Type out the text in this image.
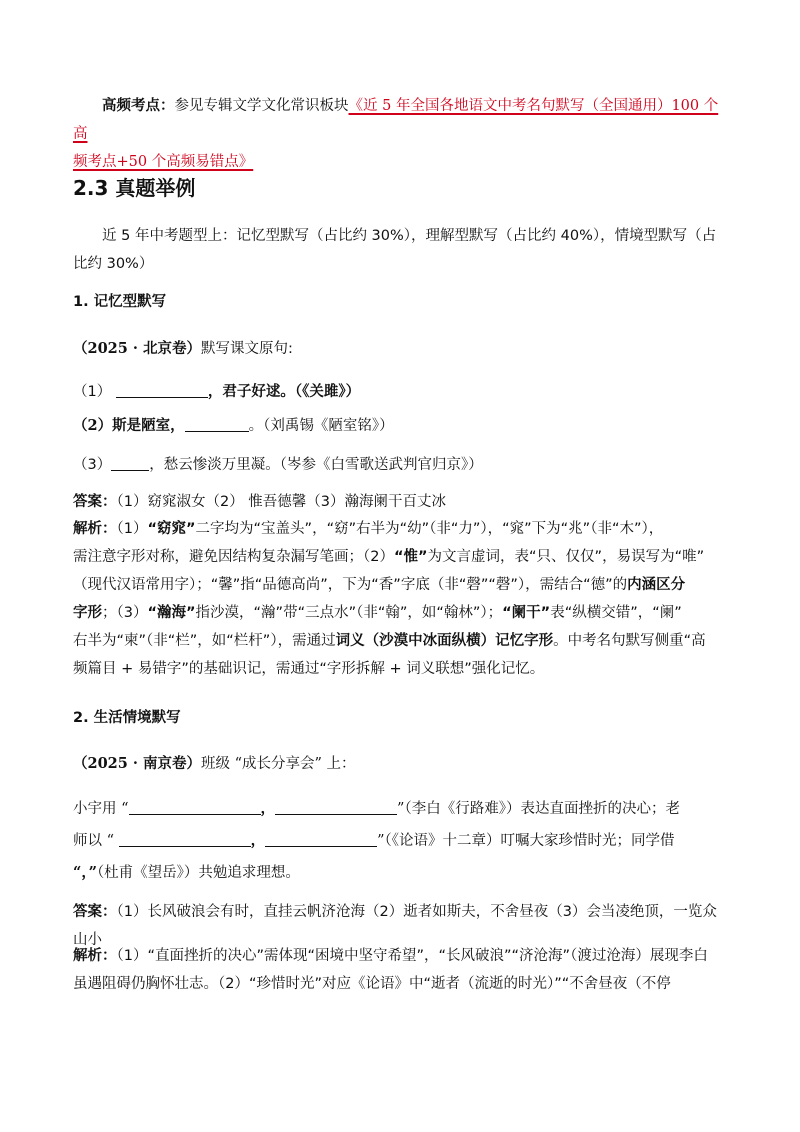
高频考点：参见专辑文学文化常识板块《近 5 年全国各地语文中考名句默写（全国通用）100 个高
频考点+50 个高频易错点》
2.3 真题举例
近 5 年中考题型上：记忆型默写（占比约 30%），理解型默写（占比约 40%），情境型默写（占
比约 30%）
1. 记忆型默写
（2025 · 北京卷）默写课文原句:
（1）	，君子好逑。（《关雎》）
（2）斯是陋室，	。（刘禹锡《陋室铭》）
（3）	，愁云惨淡万里凝。（岑参《白雪歌送武判官归京》）
答案：（1）窈窕淑女（2） 惟吾德馨（3）瀚海阑干百丈冰
解析：（1）“窈窕”二字均为“宝盖头”，“窈”右半为“幼”（非“力”），“窕”下为“兆”（非“木”），
需注意字形对称，避免因结构复杂漏写笔画；（2）“惟”为文言虚词，表“只、仅仅”，易误写为“唯”
（现代汉语常用字）；“馨”指“品德高尚”，下为“香”字底（非“磬”“磬”），需结合“德”的内涵区分
字形；（3）“瀚海”指沙漠，“瀚”带“三点水”（非“翰”，如“翰林”）；“阑干”表“纵横交错”，“阑”
右半为“柬”（非“栏”，如“栏杆”），需通过词义（沙漠中冰面纵横）记忆字形。中考名句默写侧重“高
频篇目 + 易错字”的基础识记，需通过“字形拆解 + 词义联想”强化记忆。
2. 生活情境默写
（2025 · 南京卷）班级 “成长分享会” 上：
小宇用 “	，	”（李白《行路难》）表达直面挫折的决心；老
师以 “	，	”（《论语》十二章）叮嘱大家珍惜时光；同学借
“，”（杜甫《望岳》）共勉追求理想。
答案：（1）长风破浪会有时，直挂云帆济沧海（2）逝者如斯夫，不舍昼夜（3）会当凌绝顶，一览众
山小
解析：（1）“直面挫折的决心”需体现“困境中坚守希望”，“长风破浪”“济沧海”（渡过沧海）展现李白
虽遇阻碍仍胸怀壮志。（2）“珍惜时光”对应《论语》中“逝者（流逝的时光）”“不舍昼夜（不停
